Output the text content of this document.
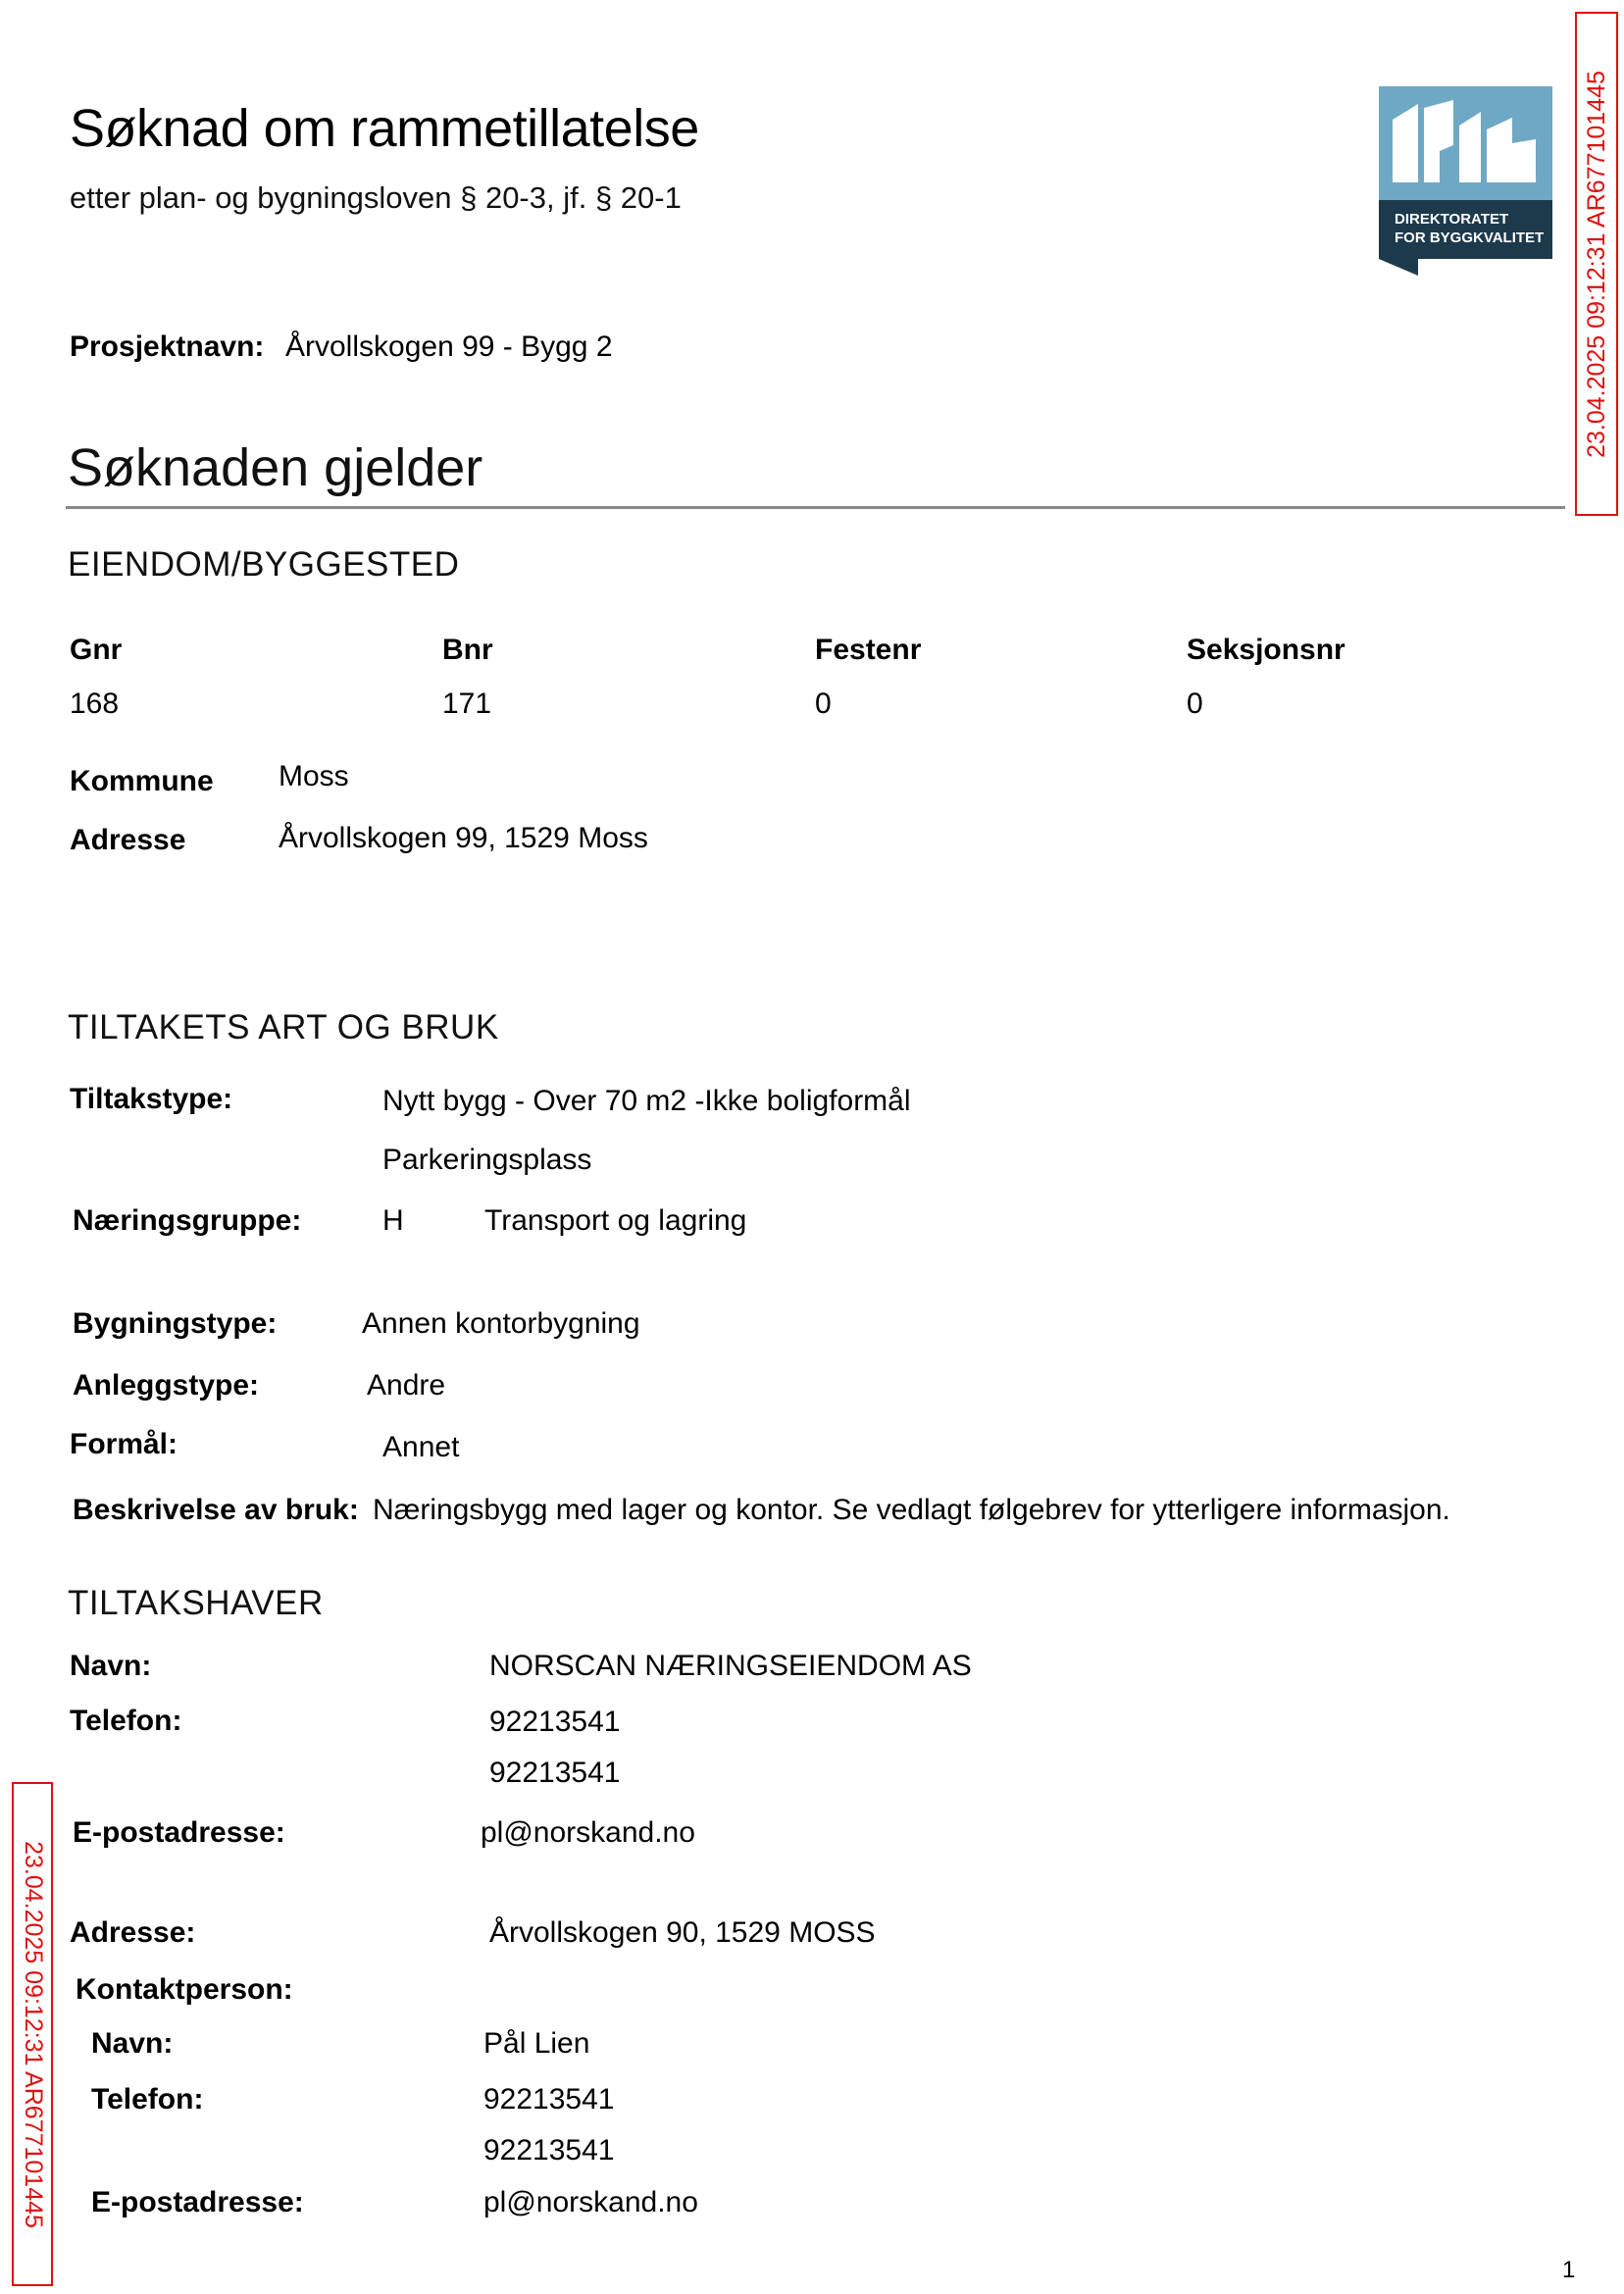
Søknad om rammetillatelse
etter plan- og bygningsloven § 20-3, jf. § 20-1
DIREKTORATET
FOR BYGGKVALITET 23.04.2025 09:12:31 AR677101445
23.04.2025 09:12:31 AR677101445
Prosjektnavn: Årvollskogen 99 - Bygg 2
Søknaden gjelder
EIENDOM/BYGGESTED
Gnr	Bnr	Festenr	Seksjonsnr
168	171	0	0
Kommune Moss
Adresse	Årvollskogen 99, 1529 Moss
TILTAKETS ART OG BRUK
Tiltakstype:	Nytt bygg - Over 70 m2 -Ikke boligformål
Parkeringsplass
Næringsgruppe:	H	Transport og lagring
Bygningstype:	Annen kontorbygning
Anleggstype:	Andre
Formål:	Annet
Beskrivelse av bruk: Næringsbygg med lager og kontor. Se vedlagt følgebrev for ytterligere informasjon.
TILTAKSHAVER
Navn:	NORSCAN NÆRINGSEIENDOM AS
Telefon:	92213541
92213541
E-postadresse:	pl@norskand.no
Adresse:	Årvollskogen 90, 1529 MOSS
Kontaktperson:
Navn:	Pål Lien
Telefon:	92213541
92213541
E-postadresse:	pl@norskand.no
1
